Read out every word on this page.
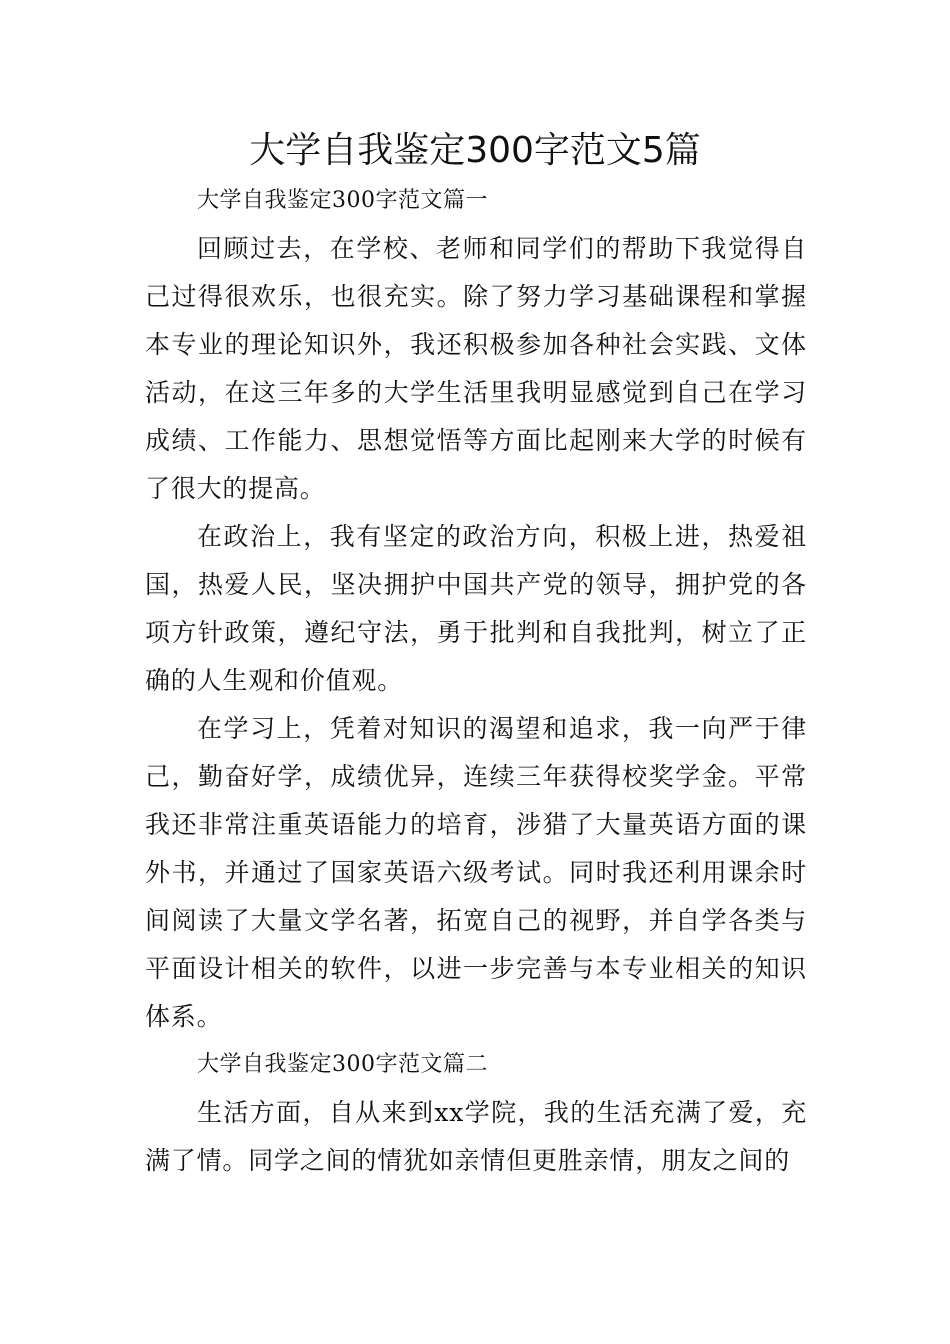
大学自我鉴定300字范文5篇

大学自我鉴定300字范文篇一

回顾过去，在学校、老师和同学们的帮助下我觉得自己过得很欢乐，也很充实。除了努力学习基础课程和掌握本专业的理论知识外，我还积极参加各种社会实践、文体活动，在这三年多的大学生活里我明显感觉到自己在学习成绩、工作能力、思想觉悟等方面比起刚来大学的时候有了很大的提高。

在政治上，我有坚定的政治方向，积极上进，热爱祖国，热爱人民，坚决拥护中国共产党的领导，拥护党的各项方针政策，遵纪守法，勇于批判和自我批判，树立了正确的人生观和价值观。

在学习上，凭着对知识的渴望和追求，我一向严于律己，勤奋好学，成绩优异，连续三年获得校奖学金。平常我还非常注重英语能力的培育，涉猎了大量英语方面的课外书，并通过了国家英语六级考试。同时我还利用课余时间阅读了大量文学名著，拓宽自己的视野，并自学各类与平面设计相关的软件，以进一步完善与本专业相关的知识体系。

大学自我鉴定300字范文篇二

生活方面，自从来到xx学院，我的生活充满了爱，充满了情。同学之间的情犹如亲情但更胜亲情，朋友之间的
